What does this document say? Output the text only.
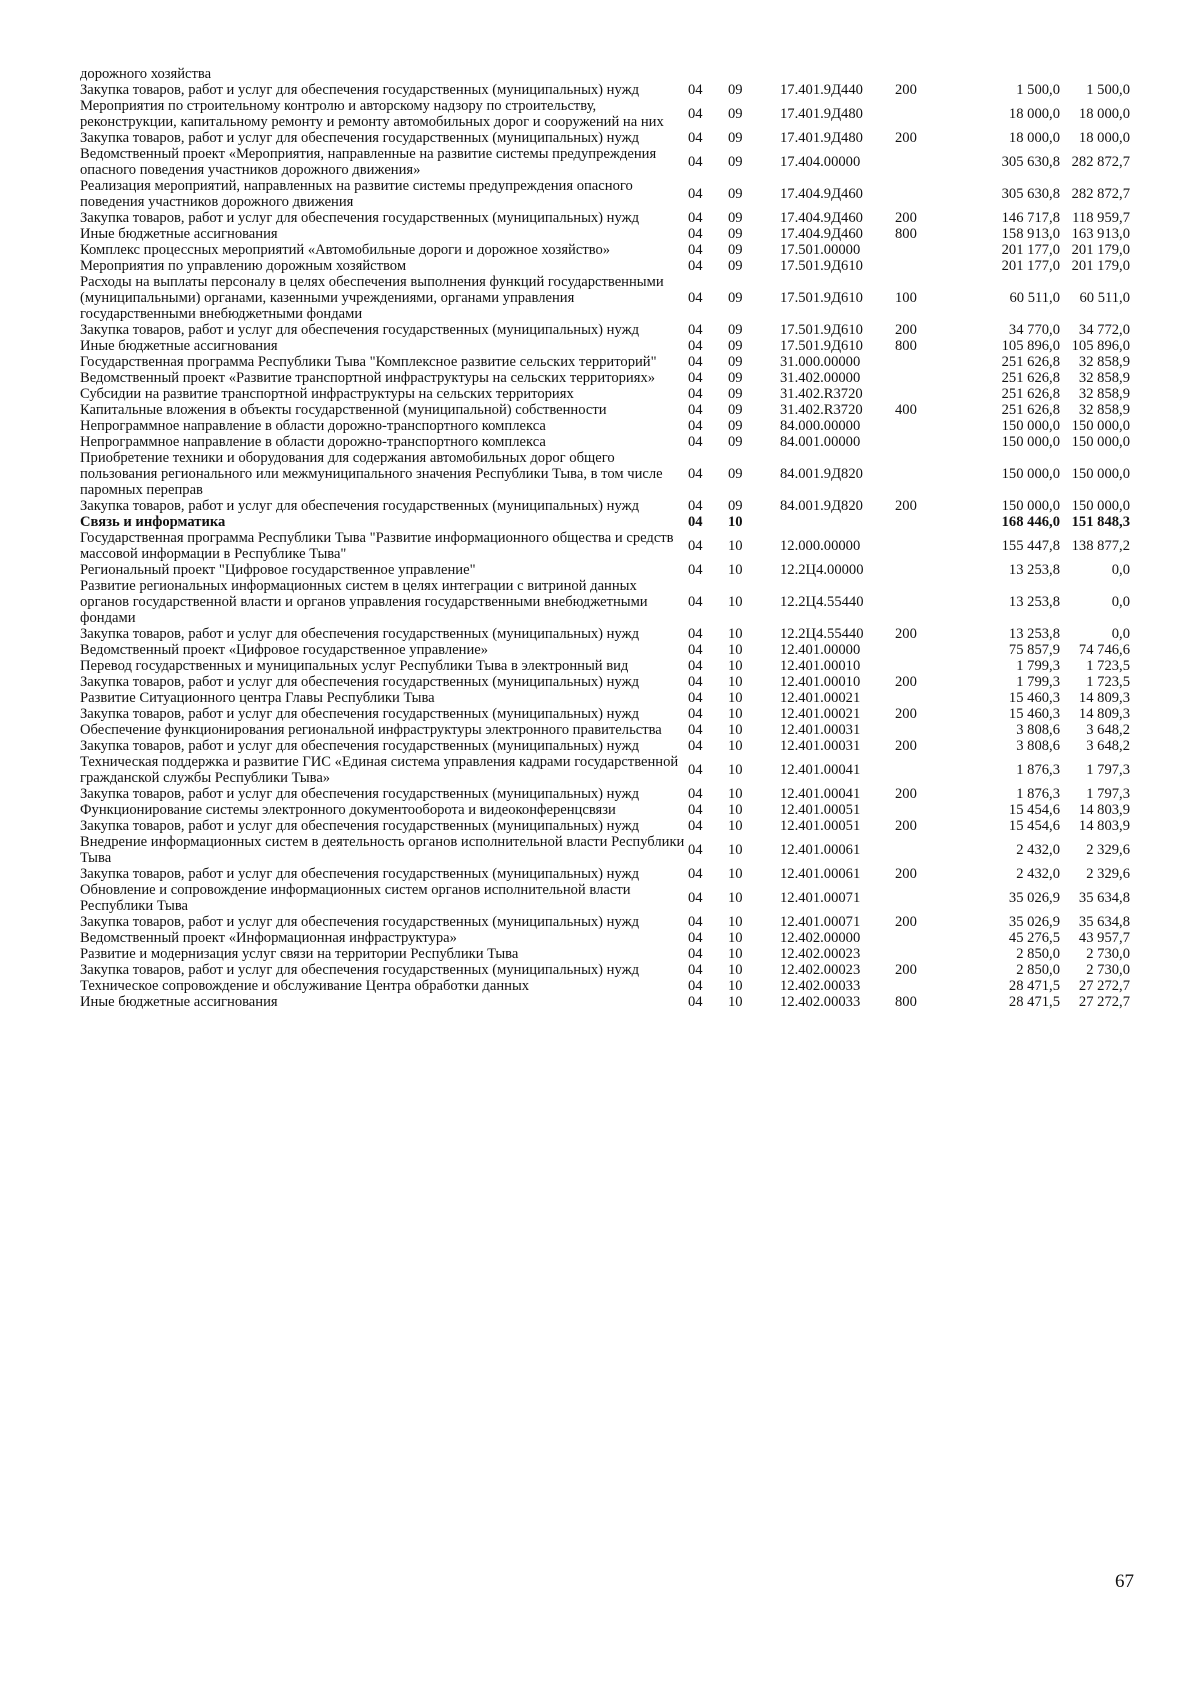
дорожного хозяйства						
Закупка товаров, работ и услуг для обеспечения государственных (муниципальных) нужд	04	09	17.401.9Д440	200	1 500,0	1 500,0
Мероприятия по строительному контролю и авторскому надзору по строительству, реконструкции, капитальному ремонту и ремонту автомобильных дорог и сооружений на них	04	09	17.401.9Д480		18 000,0	18 000,0
Закупка товаров, работ и услуг для обеспечения государственных (муниципальных) нужд	04	09	17.401.9Д480	200	18 000,0	18 000,0
Ведомственный проект «Мероприятия, направленные на развитие системы предупреждения опасного поведения участников дорожного движения»	04	09	17.404.00000		305 630,8	282 872,7
Реализация мероприятий, направленных на развитие системы предупреждения опасного поведения участников дорожного движения	04	09	17.404.9Д460		305 630,8	282 872,7
Закупка товаров, работ и услуг для обеспечения государственных (муниципальных) нужд	04	09	17.404.9Д460	200	146 717,8	118 959,7
Иные бюджетные ассигнования	04	09	17.404.9Д460	800	158 913,0	163 913,0
Комплекс процессных мероприятий «Автомобильные дороги и дорожное хозяйство»	04	09	17.501.00000		201 177,0	201 179,0
Мероприятия по управлению дорожным хозяйством	04	09	17.501.9Д610		201 177,0	201 179,0
Расходы на выплаты персоналу в целях обеспечения выполнения функций государственными (муниципальными) органами, казенными учреждениями, органами управления государственными внебюджетными фондами	04	09	17.501.9Д610	100	60 511,0	60 511,0
Закупка товаров, работ и услуг для обеспечения государственных (муниципальных) нужд	04	09	17.501.9Д610	200	34 770,0	34 772,0
Иные бюджетные ассигнования	04	09	17.501.9Д610	800	105 896,0	105 896,0
Государственная программа Республики Тыва "Комплексное развитие сельских территорий"	04	09	31.000.00000		251 626,8	32 858,9
Ведомственный проект «Развитие транспортной инфраструктуры на сельских территориях»	04	09	31.402.00000		251 626,8	32 858,9
Субсидии на развитие транспортной инфраструктуры на сельских территориях	04	09	31.402.R3720		251 626,8	32 858,9
Капитальные вложения в объекты государственной (муниципальной) собственности	04	09	31.402.R3720	400	251 626,8	32 858,9
Непрограммное направление в области дорожно-транспортного комплекса	04	09	84.000.00000		150 000,0	150 000,0
Непрограммное направление в области дорожно-транспортного комплекса	04	09	84.001.00000		150 000,0	150 000,0
Приобретение техники и оборудования для содержания автомобильных дорог общего пользования регионального или межмуниципального значения Республики Тыва, в том числе паромных переправ	04	09	84.001.9Д820		150 000,0	150 000,0
Закупка товаров, работ и услуг для обеспечения государственных (муниципальных) нужд	04	09	84.001.9Д820	200	150 000,0	150 000,0
Связь и информатика	04	10			168 446,0	151 848,3
Государственная программа Республики Тыва "Развитие информационного общества и средств массовой информации в Республике Тыва"	04	10	12.000.00000		155 447,8	138 877,2
Региональный проект "Цифровое государственное управление"	04	10	12.2Ц4.00000		13 253,8	0,0
Развитие региональных информационных систем в целях интеграции с витриной данных органов государственной власти и органов управления государственными внебюджетными фондами	04	10	12.2Ц4.55440		13 253,8	0,0
Закупка товаров, работ и услуг для обеспечения государственных (муниципальных) нужд	04	10	12.2Ц4.55440	200	13 253,8	0,0
Ведомственный проект «Цифровое государственное управление»	04	10	12.401.00000		75 857,9	74 746,6
Перевод государственных и муниципальных услуг Республики Тыва в электронный вид	04	10	12.401.00010		1 799,3	1 723,5
Закупка товаров, работ и услуг для обеспечения государственных (муниципальных) нужд	04	10	12.401.00010	200	1 799,3	1 723,5
Развитие Ситуационного центра Главы Республики Тыва	04	10	12.401.00021		15 460,3	14 809,3
Закупка товаров, работ и услуг для обеспечения государственных (муниципальных) нужд	04	10	12.401.00021	200	15 460,3	14 809,3
Обеспечение функционирования региональной инфраструктуры электронного правительства	04	10	12.401.00031		3 808,6	3 648,2
Закупка товаров, работ и услуг для обеспечения государственных (муниципальных) нужд	04	10	12.401.00031	200	3 808,6	3 648,2
Техническая поддержка и развитие ГИС «Единая система управления кадрами государственной гражданской службы Республики Тыва»	04	10	12.401.00041		1 876,3	1 797,3
Закупка товаров, работ и услуг для обеспечения государственных (муниципальных) нужд	04	10	12.401.00041	200	1 876,3	1 797,3
Функционирование системы электронного документооборота и видеоконференцсвязи	04	10	12.401.00051		15 454,6	14 803,9
Закупка товаров, работ и услуг для обеспечения государственных (муниципальных) нужд	04	10	12.401.00051	200	15 454,6	14 803,9
Внедрение информационных систем в деятельность органов исполнительной власти Республики Тыва	04	10	12.401.00061		2 432,0	2 329,6
Закупка товаров, работ и услуг для обеспечения государственных (муниципальных) нужд	04	10	12.401.00061	200	2 432,0	2 329,6
Обновление и сопровождение информационных систем органов исполнительной власти Республики Тыва	04	10	12.401.00071		35 026,9	35 634,8
Закупка товаров, работ и услуг для обеспечения государственных (муниципальных) нужд	04	10	12.401.00071	200	35 026,9	35 634,8
Ведомственный проект «Информационная инфраструктура»	04	10	12.402.00000		45 276,5	43 957,7
Развитие и модернизация услуг связи на территории Республики Тыва	04	10	12.402.00023		2 850,0	2 730,0
Закупка товаров, работ и услуг для обеспечения государственных (муниципальных) нужд	04	10	12.402.00023	200	2 850,0	2 730,0
Техническое сопровождение и обслуживание Центра обработки данных	04	10	12.402.00033		28 471,5	27 272,7
Иные бюджетные ассигнования	04	10	12.402.00033	800	28 471,5	27 272,7
67
